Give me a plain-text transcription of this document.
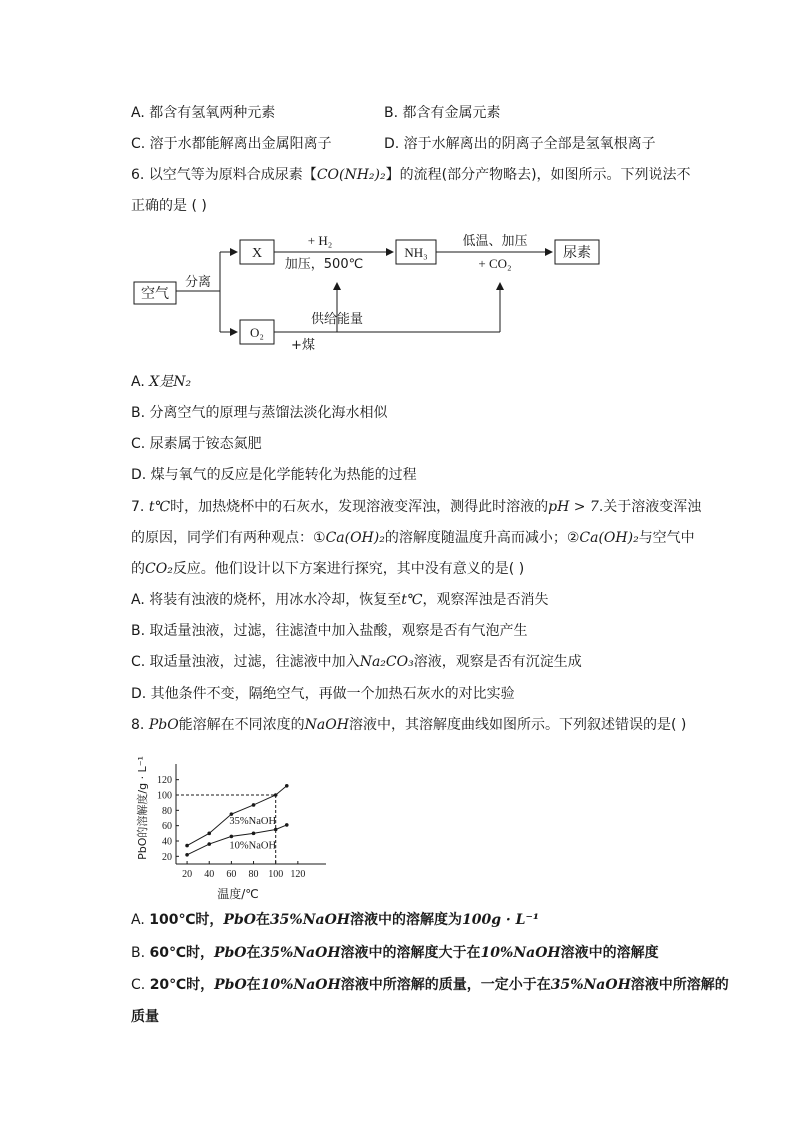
A. 都含有氢氧两种元素	B. 都含有金属元素
C. 溶于水都能解离出金属阳离子	D. 溶于水解离出的阴离子全部是氢氧根离子
6. 以空气等为原料合成尿素【CO(NH₂)₂】的流程(部分产物略去)，如图所示。下列说法不
正确的是 ( )
空气
分离
X
O₂
+ H₂
加压，500℃
NH₃
低温、加压
+ CO₂
尿素
供给能量
+煤
A. X是N₂
B. 分离空气的原理与蒸馏法淡化海水相似
C. 尿素属于铵态氮肥
D. 煤与氧气的反应是化学能转化为热能的过程
7. t℃时，加热烧杯中的石灰水，发现溶液变浑浊，测得此时溶液的pH > 7.关于溶液变浑浊
的原因，同学们有两种观点：①Ca(OH)₂的溶解度随温度升高而减小；②Ca(OH)₂与空气中
的CO₂反应。他们设计以下方案进行探究，其中没有意义的是( )
A. 将装有浊液的烧杯，用冰水冷却，恢复至t℃，观察浑浊是否消失
B. 取适量浊液，过滤，往滤渣中加入盐酸，观察是否有气泡产生
C. 取适量浊液，过滤，往滤液中加入Na₂CO₃溶液，观察是否有沉淀生成
D. 其他条件不变，隔绝空气，再做一个加热石灰水的对比实验
8. PbO能溶解在不同浓度的NaOH溶液中，其溶解度曲线如图所示。下列叙述错误的是( )
PbO的溶解度/g · L⁻¹
温度/℃
20 40 60 80 100 120
20
40
60
80
100
120
35%NaOH
10%NaOH
A. 100℃时，PbO在35%NaOH溶液中的溶解度为100g · L⁻¹
B. 60℃时，PbO在35%NaOH溶液中的溶解度大于在10%NaOH溶液中的溶解度
C. 20℃时，PbO在10%NaOH溶液中所溶解的质量，一定小于在35%NaOH溶液中所溶解的
质量
